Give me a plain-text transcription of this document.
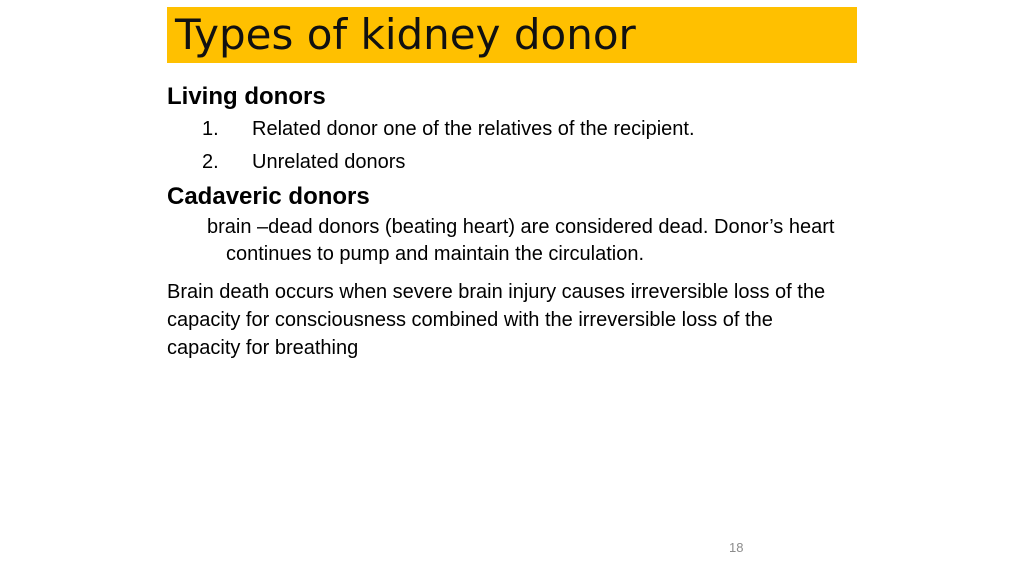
Types of kidney donor

Living donors

1.	Related donor one of the relatives of the recipient.
2.	Unrelated donors

Cadaveric donors

brain –dead donors (beating heart) are considered dead. Donor’s heart continues to pump and maintain the circulation.

Brain death occurs when severe brain injury causes irreversible loss of the capacity for consciousness combined with the irreversible loss of the capacity for breathing

18
